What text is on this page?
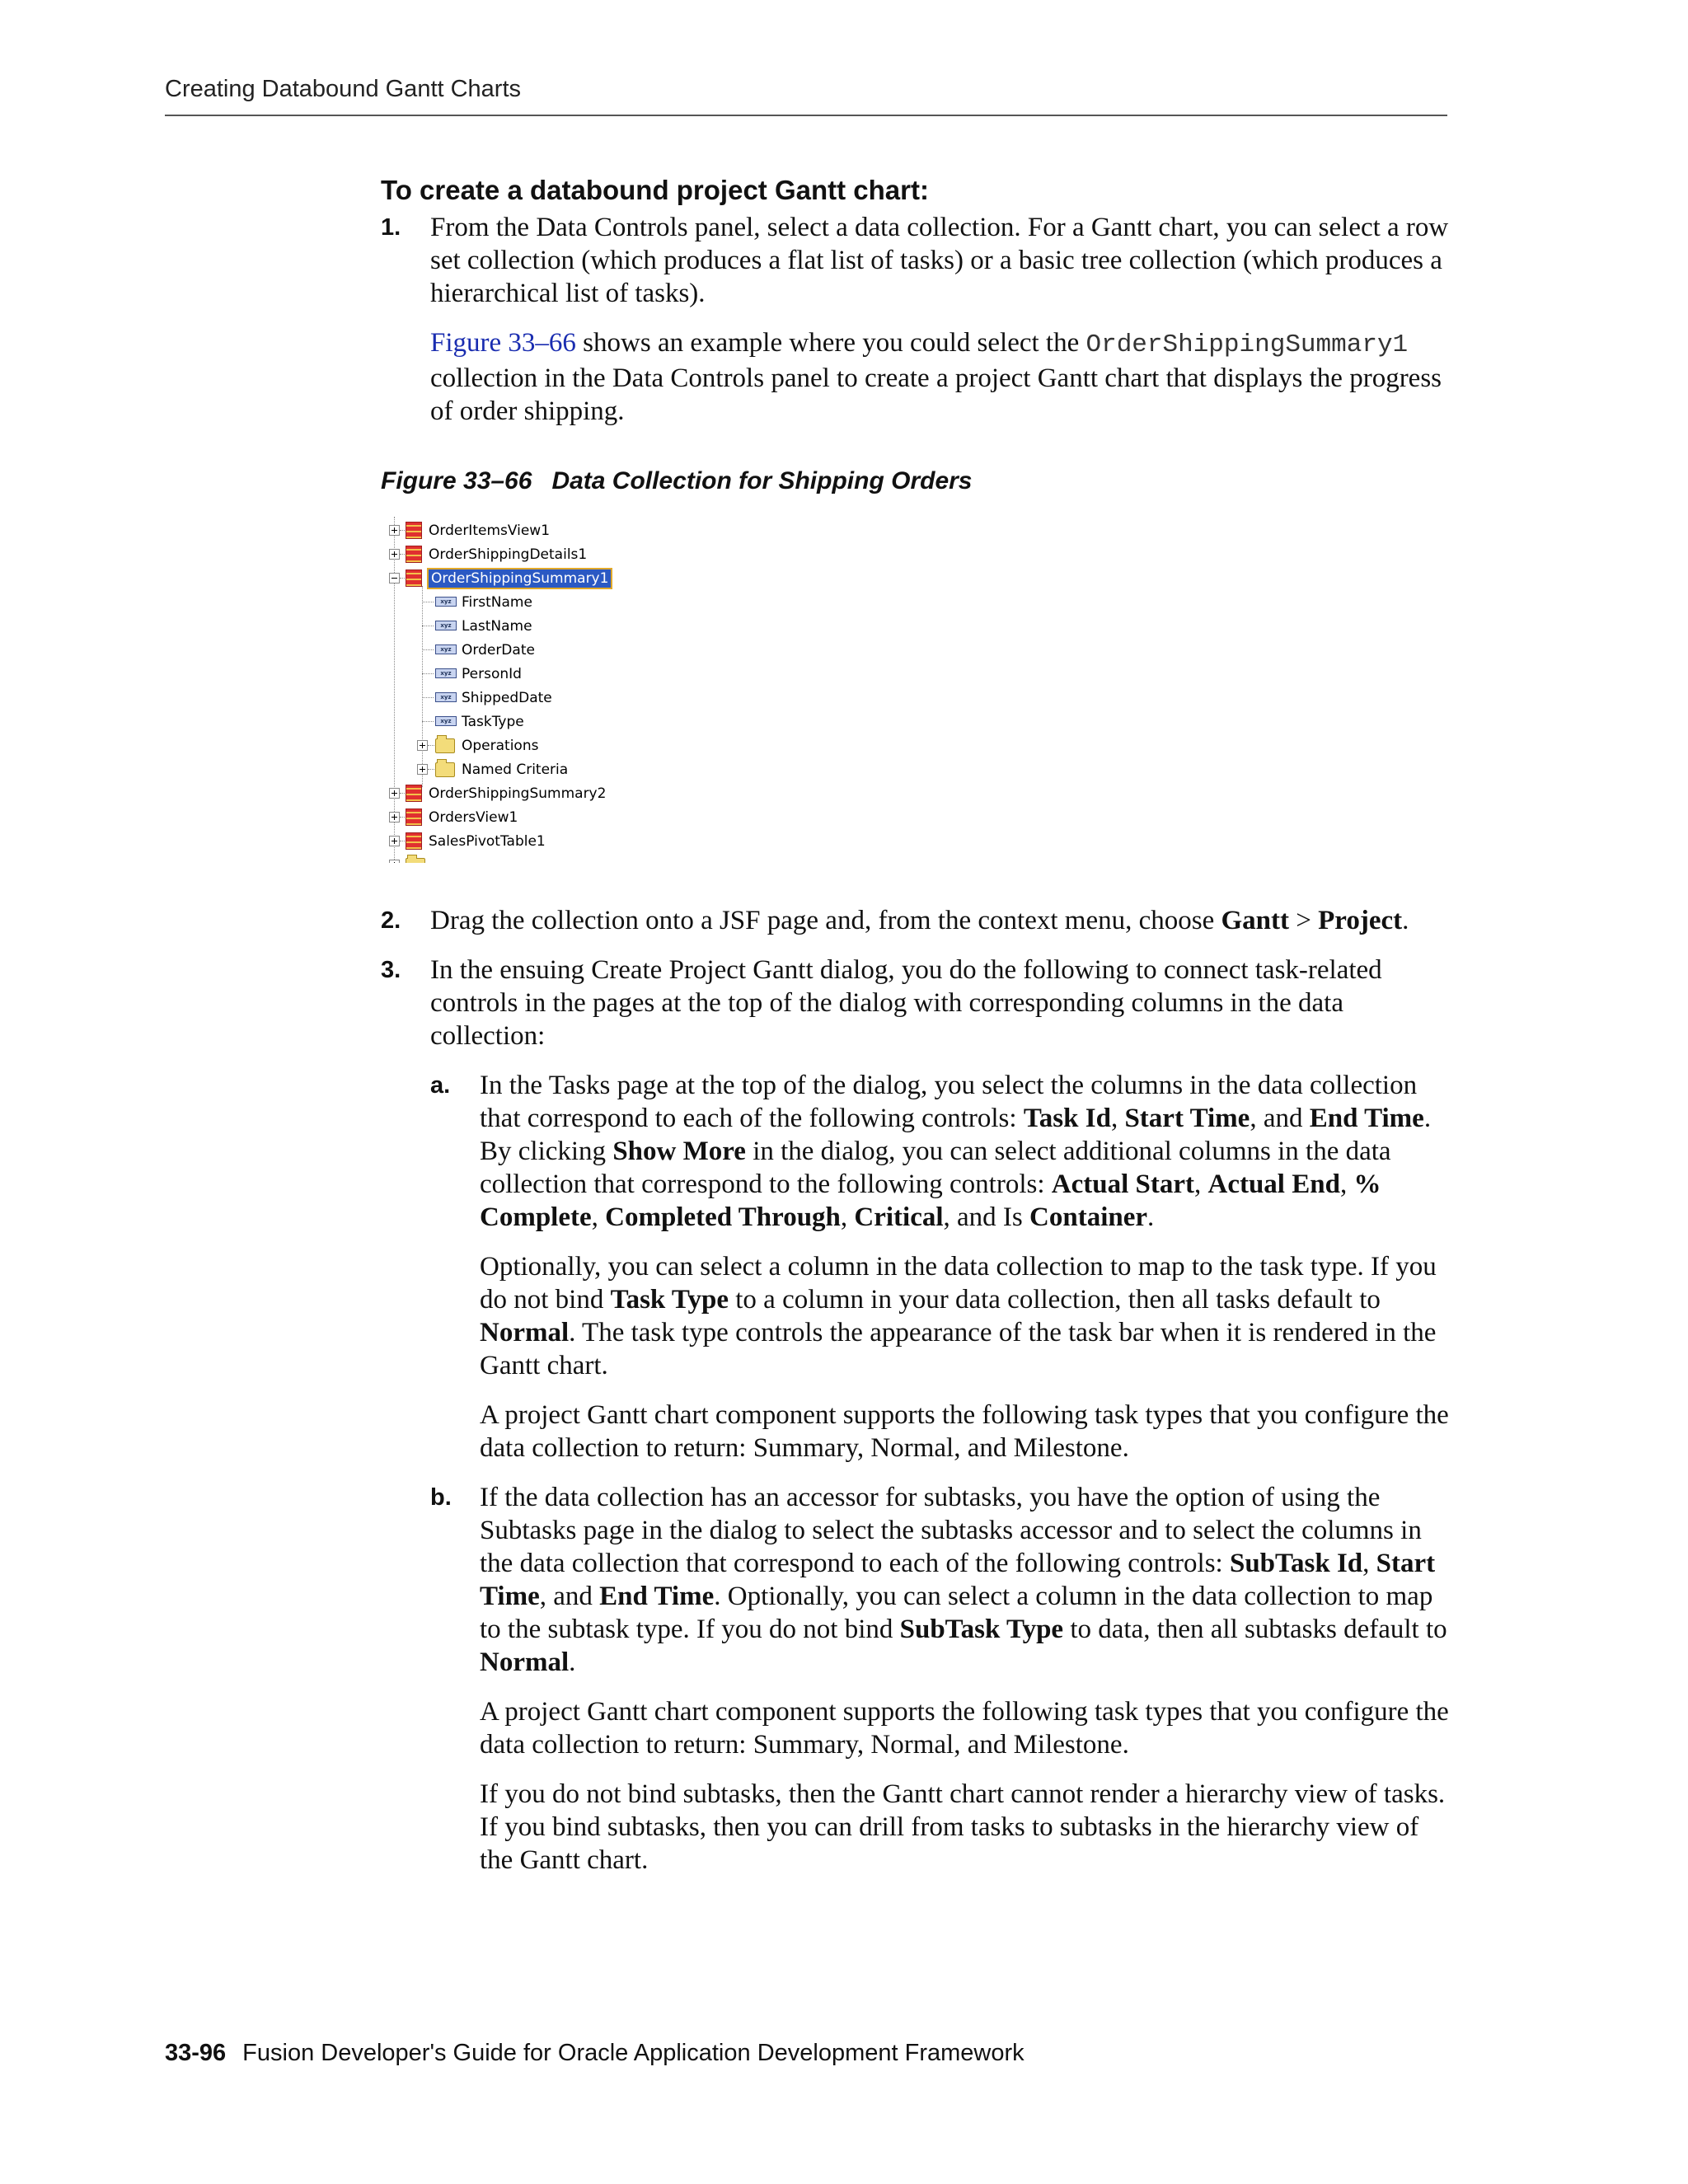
Creating Databound Gantt Charts
To create a databound project Gantt chart:
1. From the Data Controls panel, select a data collection. For a Gantt chart, you can select a row set collection (which produces a flat list of tasks) or a basic tree collection (which produces a hierarchical list of tasks).

Figure 33–66 shows an example where you could select the OrderShippingSummary1 collection in the Data Controls panel to create a project Gantt chart that displays the progress of order shipping.

Figure 33–66 Data Collection for Shipping Orders
OrderItemsView1
OrderShippingDetails1
OrderShippingSummary1
xyz FirstName
xyz LastName
xyz OrderDate
xyz PersonId
xyz ShippedDate
xyz TaskType
Operations
Named Criteria
OrderShippingSummary2
OrdersView1
SalesPivotTable1
2. Drag the collection onto a JSF page and, from the context menu, choose Gantt > Project.

3. In the ensuing Create Project Gantt dialog, you do the following to connect task-related controls in the pages at the top of the dialog with corresponding columns in the data collection:

a. In the Tasks page at the top of the dialog, you select the columns in the data collection that correspond to each of the following controls: Task Id, Start Time, and End Time. By clicking Show More in the dialog, you can select additional columns in the data collection that correspond to the following controls: Actual Start, Actual End, % Complete, Completed Through, Critical, and Is Container.

Optionally, you can select a column in the data collection to map to the task type. If you do not bind Task Type to a column in your data collection, then all tasks default to Normal. The task type controls the appearance of the task bar when it is rendered in the Gantt chart.

A project Gantt chart component supports the following task types that you configure the data collection to return: Summary, Normal, and Milestone.

b. If the data collection has an accessor for subtasks, you have the option of using the Subtasks page in the dialog to select the subtasks accessor and to select the columns in the data collection that correspond to each of the following controls: SubTask Id, Start Time, and End Time. Optionally, you can select a column in the data collection to map to the subtask type. If you do not bind SubTask Type to data, then all subtasks default to Normal.

A project Gantt chart component supports the following task types that you configure the data collection to return: Summary, Normal, and Milestone.

If you do not bind subtasks, then the Gantt chart cannot render a hierarchy view of tasks. If you bind subtasks, then you can drill from tasks to subtasks in the hierarchy view of the Gantt chart.

33-96 Fusion Developer's Guide for Oracle Application Development Framework
